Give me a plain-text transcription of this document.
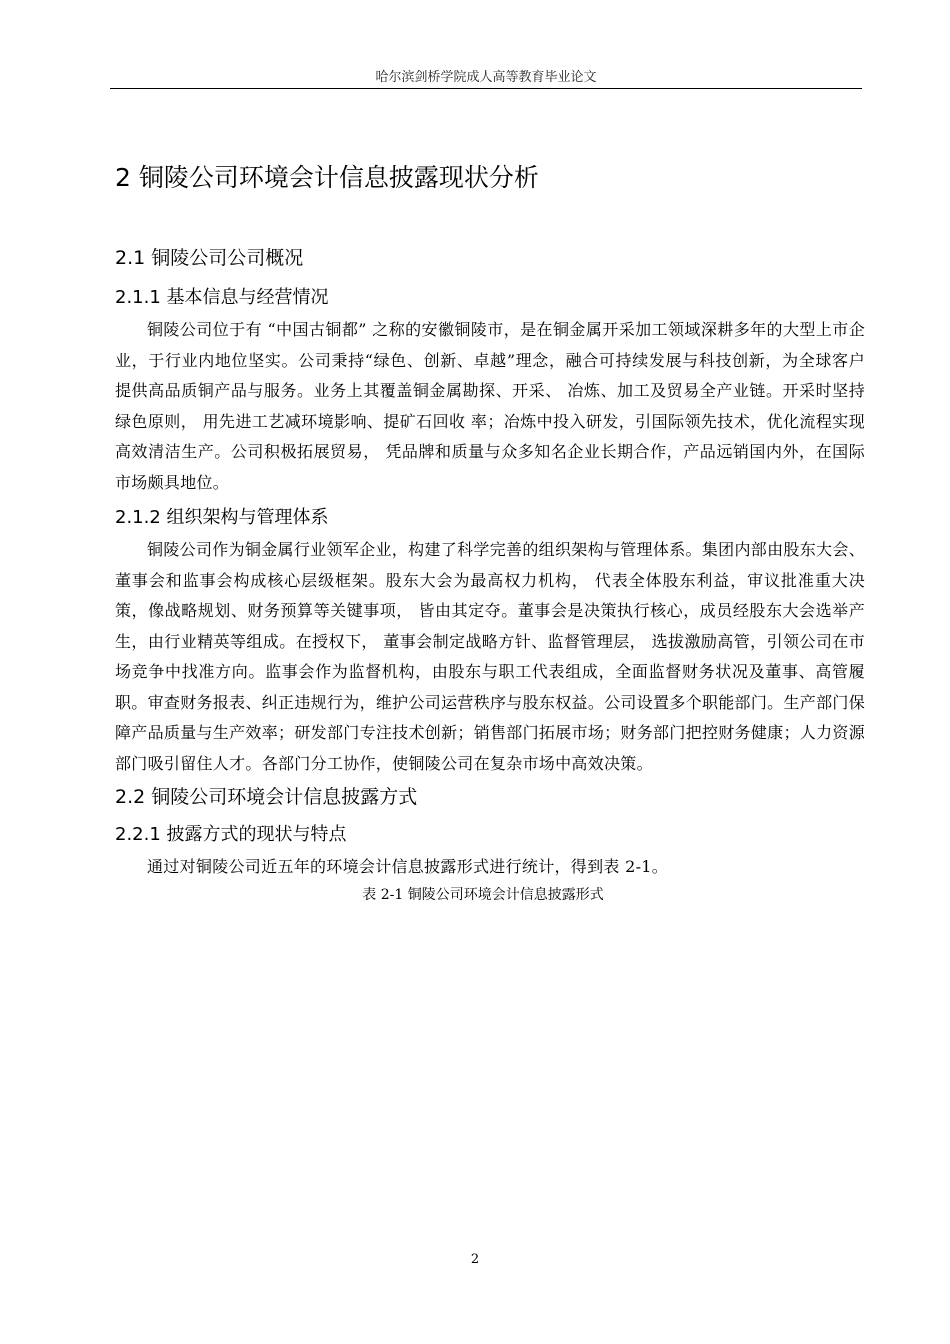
哈尔滨剑桥学院成人高等教育毕业论文
2 铜陵公司环境会计信息披露现状分析
2.1 铜陵公司公司概况
2.1.1 基本信息与经营情况

铜陵公司位于有 “中国古铜都” 之称的安徽铜陵市，是在铜金属开采加工领域深耕多年的大型上市企业，于行业内地位坚实。公司秉持“绿色、创新、卓越”理念，融合可持续发展与科技创新，为全球客户提供高品质铜产品与服务。业务上其覆盖铜金属勘探、开采、 冶炼、加工及贸易全产业链。开采时坚持绿色原则， 用先进工艺减环境影响、提矿石回收 率；冶炼中投入研发，引国际领先技术，优化流程实现高效清洁生产。公司积极拓展贸易， 凭品牌和质量与众多知名企业长期合作，产品远销国内外，在国际市场颇具地位。

2.1.2 组织架构与管理体系

铜陵公司作为铜金属行业领军企业，构建了科学完善的组织架构与管理体系。集团内部由股东大会、董事会和监事会构成核心层级框架。股东大会为最高权力机构， 代表全体股东利益，审议批准重大决策，像战略规划、财务预算等关键事项， 皆由其定夺。董事会是决策执行核心，成员经股东大会选举产生，由行业精英等组成。在授权下， 董事会制定战略方针、监督管理层， 选拔激励高管，引领公司在市场竞争中找准方向。监事会作为监督机构，由股东与职工代表组成，全面监督财务状况及董事、高管履职。审查财务报表、纠正违规行为，维护公司运营秩序与股东权益。公司设置多个职能部门。生产部门保障产品质量与生产效率；研发部门专注技术创新；销售部门拓展市场；财务部门把控财务健康；人力资源部门吸引留住人才。各部门分工协作，使铜陵公司在复杂市场中高效决策。

2.2 铜陵公司环境会计信息披露方式
2.2.1 披露方式的现状与特点

通过对铜陵公司近五年的环境会计信息披露形式进行统计，得到表 2-1。

表 2-1 铜陵公司环境会计信息披露形式
2
